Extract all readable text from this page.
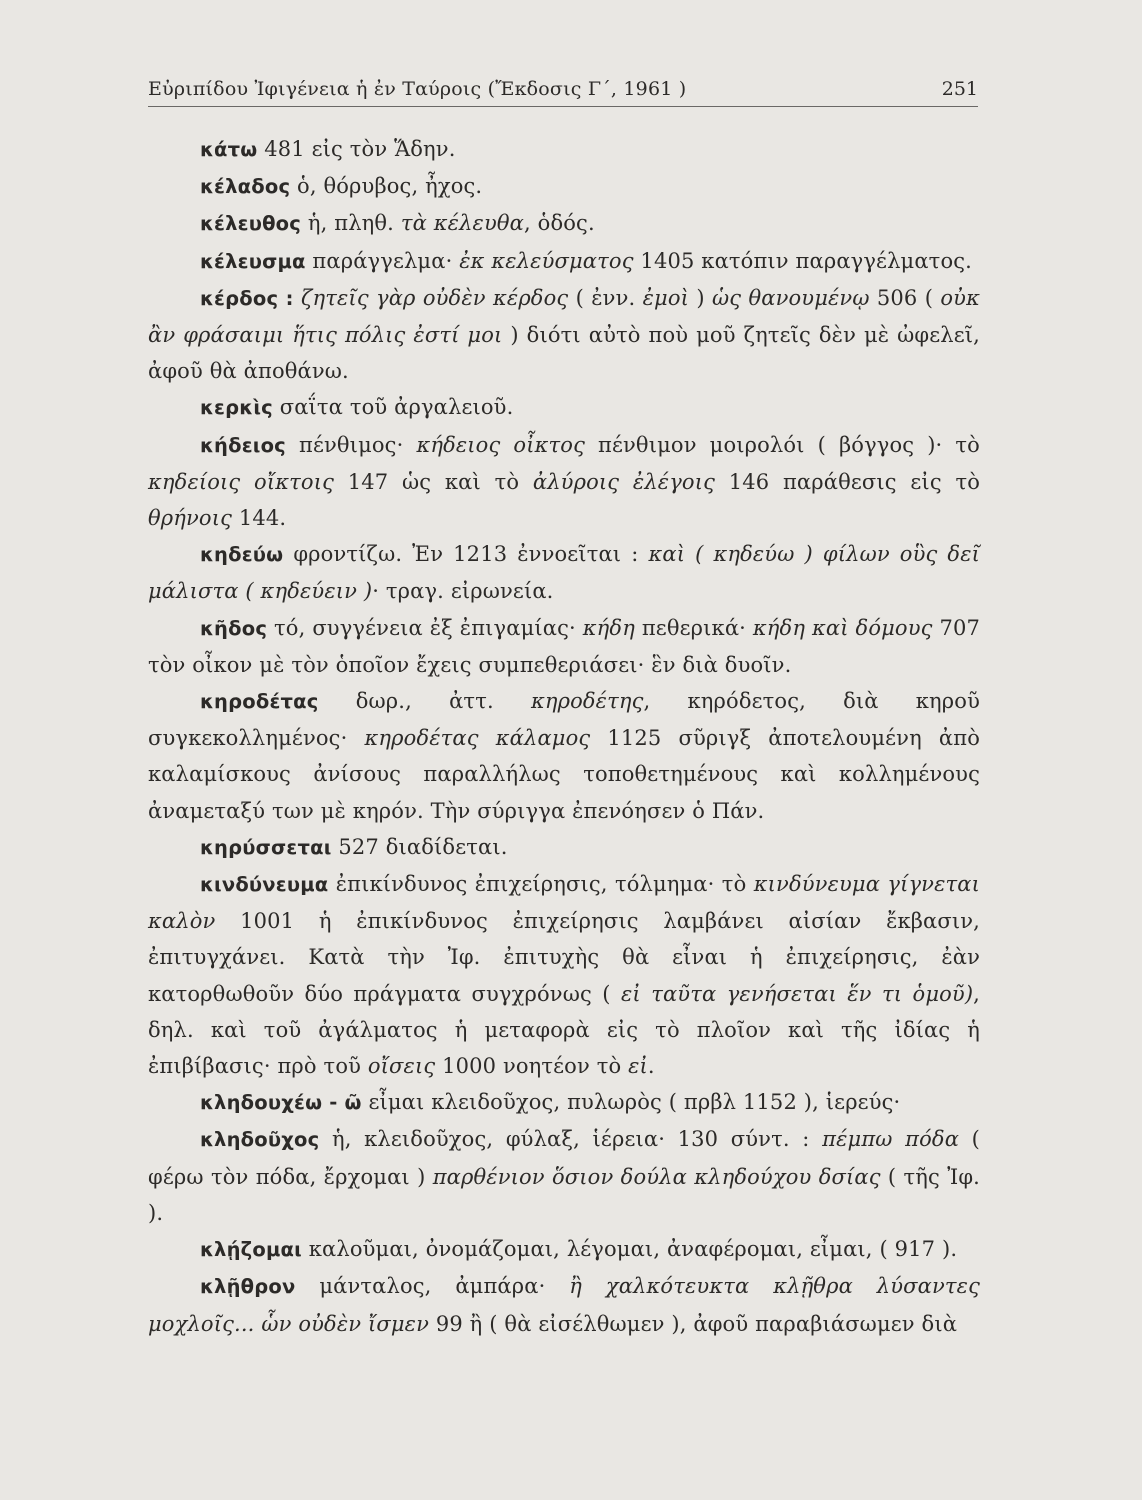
Εὐριπίδου Ἰφιγένεια ἡ ἐν Ταύροις (Ἔκδοσις Γ΄, 1961 )	251

κάτω 481 εἰς τὸν Ἅδην.

κέλαδος ὁ, θόρυβος, ἦχος.

κέλευθος ἡ, πληθ. τὰ κέλευθα, ὁδός.

κέλευσμα παράγγελμα· ἐκ κελεύσματος 1405 κατόπιν παραγγέλματος.

κέρδος : ζητεῖς γὰρ οὐδὲν κέρδος ( ἐνν. ἐμοὶ ) ὡς θανουμένῳ 506 ( οὐκ ἂν φράσαιμι ἥτις πόλις ἐστί μοι ) διότι αὐτὸ ποὺ μοῦ ζητεῖς δὲν μὲ ὠφελεῖ, ἀφοῦ θὰ ἀποθάνω.

κερκὶς σαΐτα τοῦ ἀργαλειοῦ.

κήδειος πένθιμος· κήδειος οἶκτος πένθιμον μοιρολόι ( βόγγος )· τὸ κηδείοις οἴκτοις 147 ὡς καὶ τὸ ἀλύροις ἐλέγοις 146 παράθεσις εἰς τὸ θρήνοις 144.

κηδεύω φροντίζω. Ἐν 1213 ἐννοεῖται : καὶ ( κηδεύω ) φίλων οὓς δεῖ μάλιστα ( κηδεύειν )· τραγ. εἰρωνεία.

κῆδος τό, συγγένεια ἐξ ἐπιγαμίας· κήδη πεθερικά· κήδη καὶ δόμους 707 τὸν οἶκον μὲ τὸν ὁποῖον ἔχεις συμπεθεριάσει· ἓν διὰ δυοῖν.

κηροδέτας δωρ., ἀττ. κηροδέτης, κηρόδετος, διὰ κηροῦ συγκεκολλημένος· κηροδέτας κάλαμος 1125 σῦριγξ ἀποτελουμένη ἀπὸ καλαμίσκους ἀνίσους παραλλήλως τοποθετημένους καὶ κολλημένους ἀναμεταξύ των μὲ κηρόν. Τὴν σύριγγα ἐπενόησεν ὁ Πάν.

κηρύσσεται 527 διαδίδεται.

κινδύνευμα ἐπικίνδυνος ἐπιχείρησις, τόλμημα· τὸ κινδύνευμα γίγνεται καλὸν 1001 ἡ ἐπικίνδυνος ἐπιχείρησις λαμβάνει αἰσίαν ἔκβασιν, ἐπιτυγχάνει. Κατὰ τὴν Ἰφ. ἐπιτυχὴς θὰ εἶναι ἡ ἐπιχείρησις, ἐὰν κατορθωθοῦν δύο πράγματα συγχρόνως ( εἰ ταῦτα γενήσεται ἕν τι ὁμοῦ), δηλ. καὶ τοῦ ἀγάλματος ἡ μεταφορὰ εἰς τὸ πλοῖον καὶ τῆς ἰδίας ἡ ἐπιβίβασις· πρὸ τοῦ οἴσεις 1000 νοητέον τὸ εἰ.

κληδουχέω - ῶ εἶμαι κλειδοῦχος, πυλωρὸς ( πρβλ 1152 ), ἱερεύς·

κληδοῦχος ἡ, κλειδοῦχος, φύλαξ, ἱέρεια· 130 σύντ. : πέμπω πόδα ( φέρω τὸν πόδα, ἔρχομαι ) παρθένιον ὅσιον δούλα κληδούχου δσίας ( τῆς Ἰφ. ).

κλῄζομαι καλοῦμαι, ὀνομάζομαι, λέγομαι, ἀναφέρομαι, εἶμαι, ( 917 ).

κλῇθρον μάνταλος, ἀμπάρα· ἢ χαλκότευκτα κλῇθρα λύσαντες μοχλοῖς... ὧν οὐδὲν ἴσμεν 99 ἢ ( θὰ εἰσέλθωμεν ), ἀφοῦ παραβιάσωμεν διὰ
